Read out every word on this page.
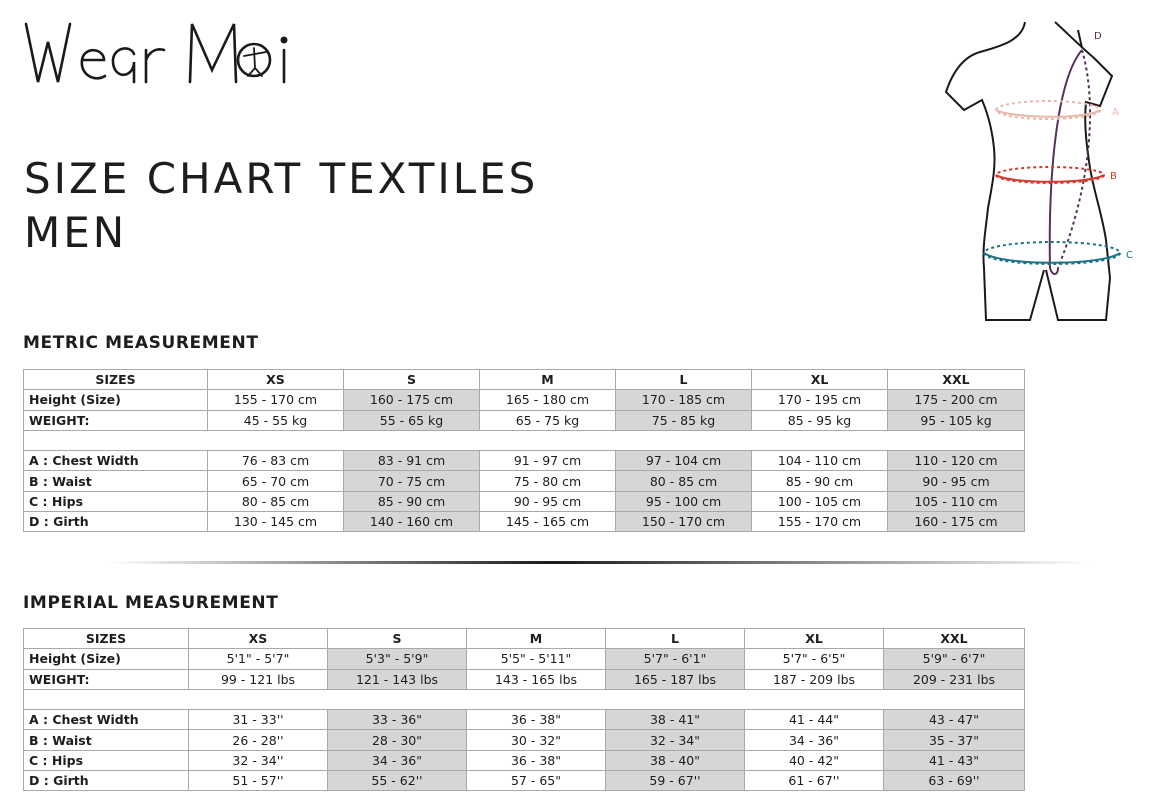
Wear Moi
SIZE CHART TEXTILES
MEN
A
B
C
D
METRIC MEASUREMENT
SIZES	XS	S	M	L	XL	XXL
Height (Size)	155 - 170 cm	160 - 175 cm	165 - 180 cm	170 - 185 cm	170 - 195 cm	175 - 200 cm
WEIGHT:	45 - 55 kg	55 - 65 kg	65 - 75 kg	75 - 85 kg	85 - 95 kg	95 - 105 kg

A : Chest Width	76 - 83 cm	83 - 91 cm	91 - 97 cm	97 - 104 cm	104 - 110 cm	110 - 120 cm
B : Waist	65 - 70 cm	70 - 75 cm	75 - 80 cm	80 - 85 cm	85 - 90 cm	90 - 95 cm
C : Hips	80 - 85 cm	85 - 90 cm	90 - 95 cm	95 - 100 cm	100 - 105 cm	105 - 110 cm
D : Girth	130 - 145 cm	140 - 160 cm	145 - 165 cm	150 - 170 cm	155 - 170 cm	160 - 175 cm
IMPERIAL MEASUREMENT
SIZES	XS	S	M	L	XL	XXL
Height (Size)	5'1" - 5'7"	5'3" - 5'9"	5'5" - 5'11"	5'7" - 6'1"	5'7" - 6'5"	5'9" - 6'7"
WEIGHT:	99 - 121 lbs	121 - 143 lbs	143 - 165 lbs	165 - 187 lbs	187 - 209 lbs	209 - 231 lbs

A : Chest Width	31 - 33''	33 - 36"	36 - 38"	38 - 41"	41 - 44"	43 - 47"
B : Waist	26 - 28''	28 - 30"	30 - 32"	32 - 34"	34 - 36"	35 - 37"
C : Hips	32 - 34''	34 - 36"	36 - 38"	38 - 40"	40 - 42"	41 - 43"
D : Girth	51 - 57''	55 - 62''	57 - 65"	59 - 67''	61 - 67''	63 - 69''
